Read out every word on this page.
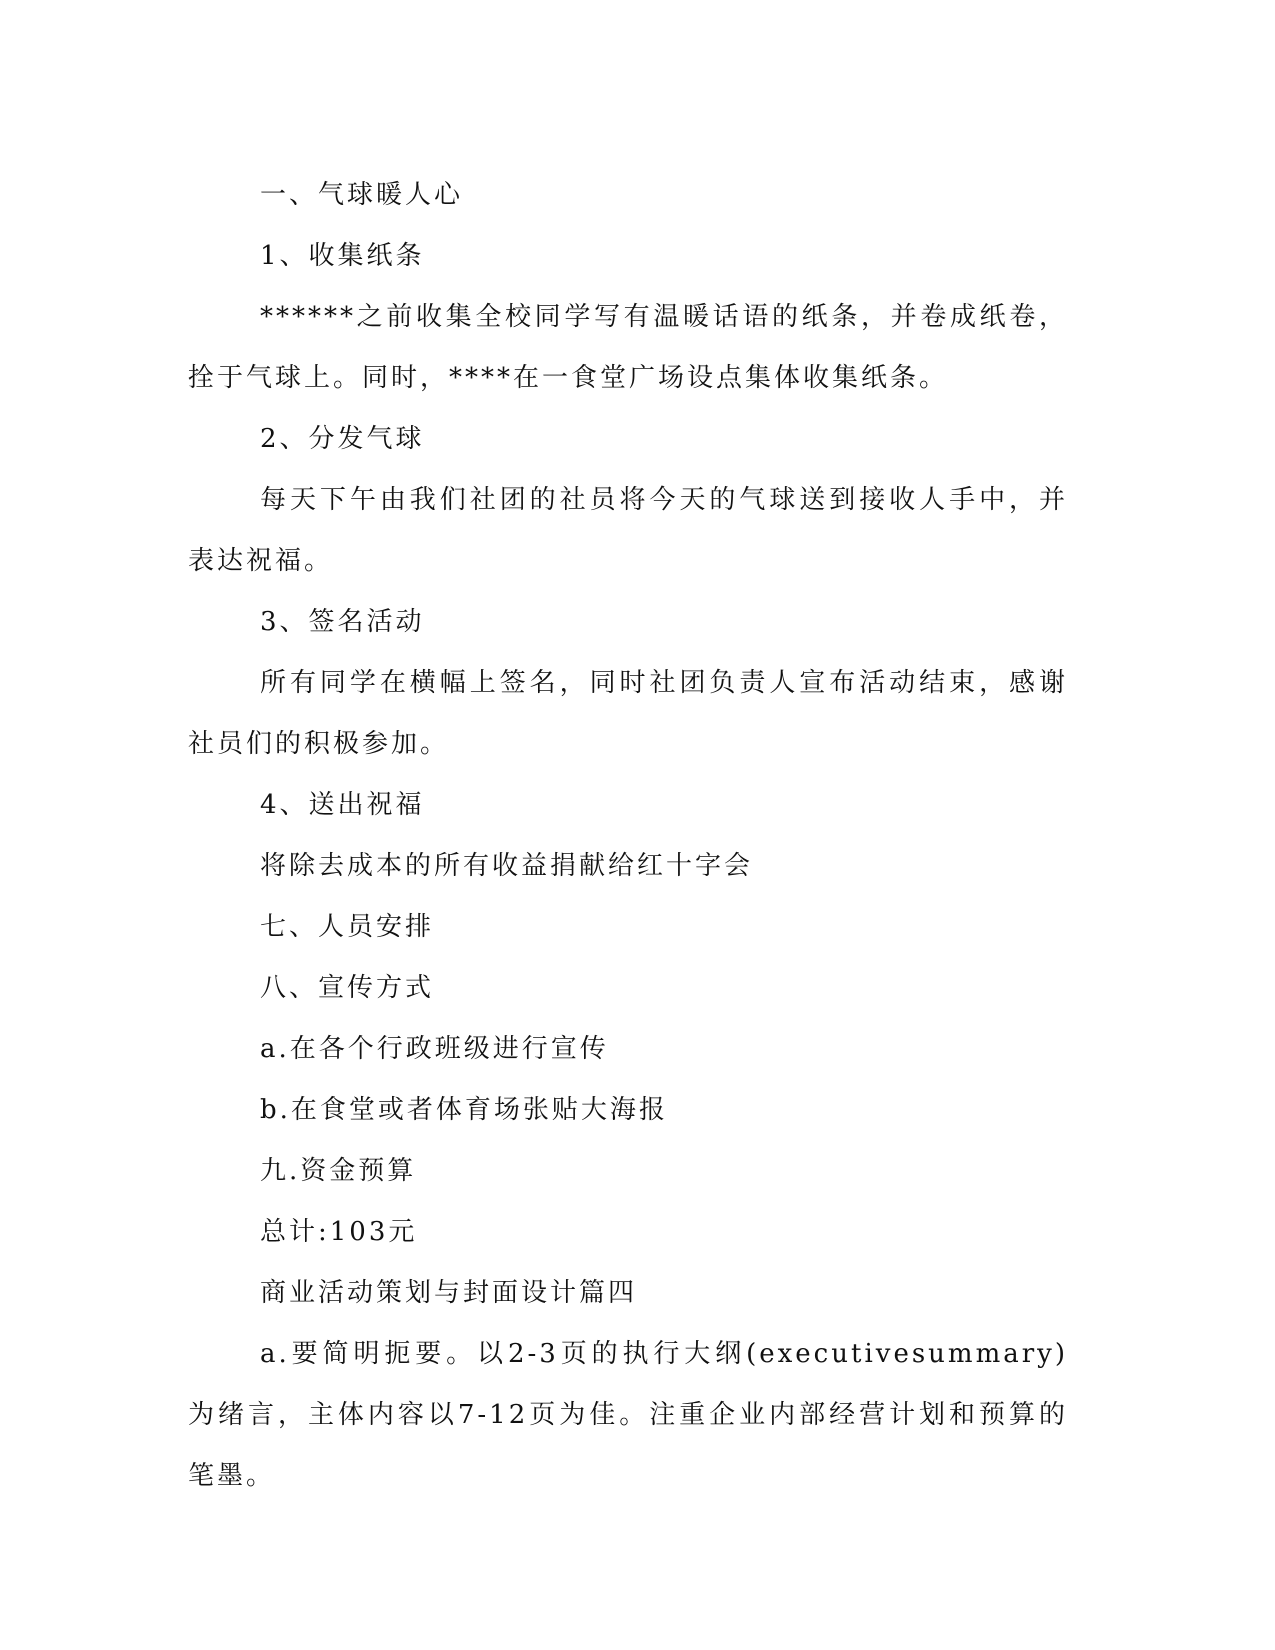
一、气球暖人心

1、收集纸条

******之前收集全校同学写有温暖话语的纸条，并卷成纸卷，拴于气球上。同时，****在一食堂广场设点集体收集纸条。

2、分发气球

每天下午由我们社团的社员将今天的气球送到接收人手中，并表达祝福。

3、签名活动

所有同学在横幅上签名，同时社团负责人宣布活动结束，感谢社员们的积极参加。

4、送出祝福

将除去成本的所有收益捐献给红十字会

七、人员安排

八、宣传方式

a.在各个行政班级进行宣传

b.在食堂或者体育场张贴大海报

九.资金预算

总计:103元

商业活动策划与封面设计篇四

a.要简明扼要。以2-3页的执行大纲(executivesummary)为绪言，主体内容以7-12页为佳。注重企业内部经营计划和预算的笔墨。
